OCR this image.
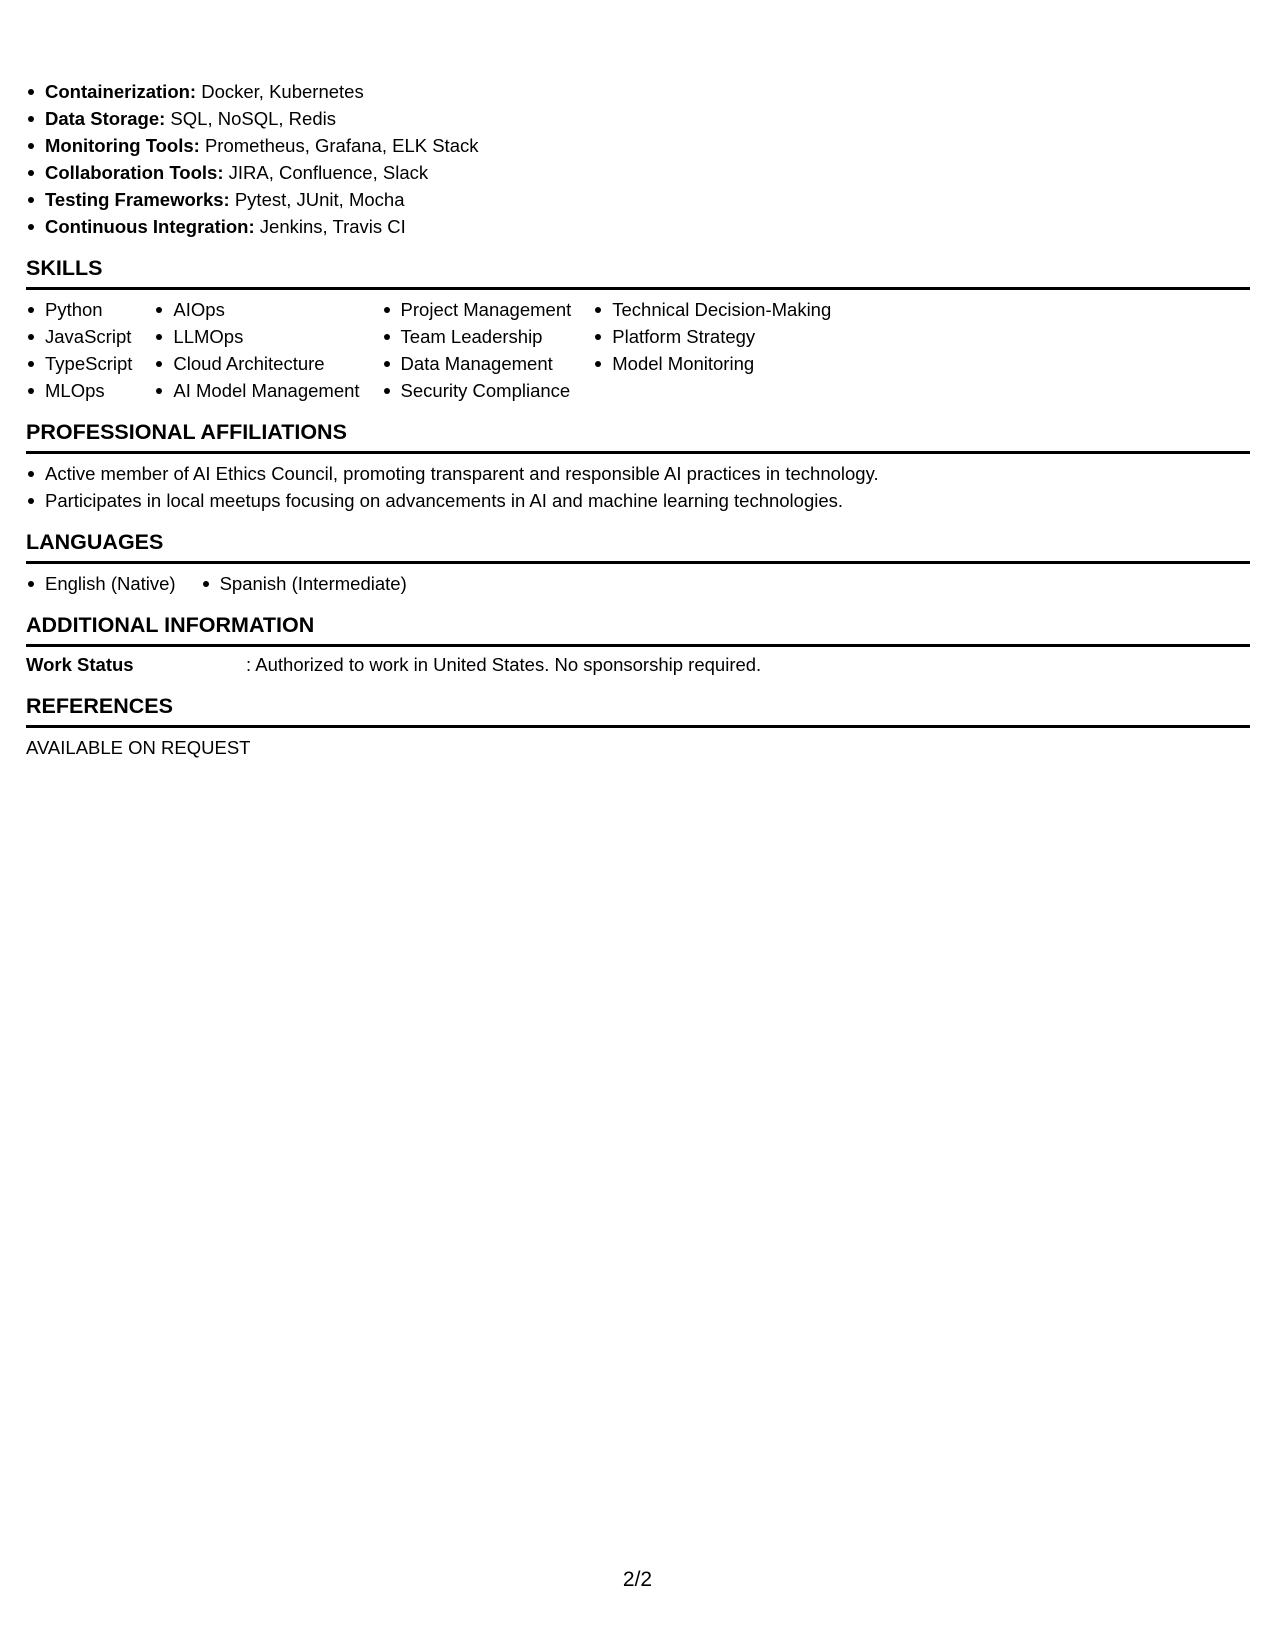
Containerization: Docker, Kubernetes
Data Storage: SQL, NoSQL, Redis
Monitoring Tools: Prometheus, Grafana, ELK Stack
Collaboration Tools: JIRA, Confluence, Slack
Testing Frameworks: Pytest, JUnit, Mocha
Continuous Integration: Jenkins, Travis CI
SKILLS
Python
JavaScript
TypeScript
MLOps
AIOps
LLMOps
Cloud Architecture
AI Model Management
Project Management
Team Leadership
Data Management
Security Compliance
Technical Decision-Making
Platform Strategy
Model Monitoring
PROFESSIONAL AFFILIATIONS
Active member of AI Ethics Council, promoting transparent and responsible AI practices in technology.
Participates in local meetups focusing on advancements in AI and machine learning technologies.
LANGUAGES
English (Native)	Spanish (Intermediate)
ADDITIONAL INFORMATION
Work Status	: Authorized to work in United States. No sponsorship required.
REFERENCES
AVAILABLE ON REQUEST
2/2
